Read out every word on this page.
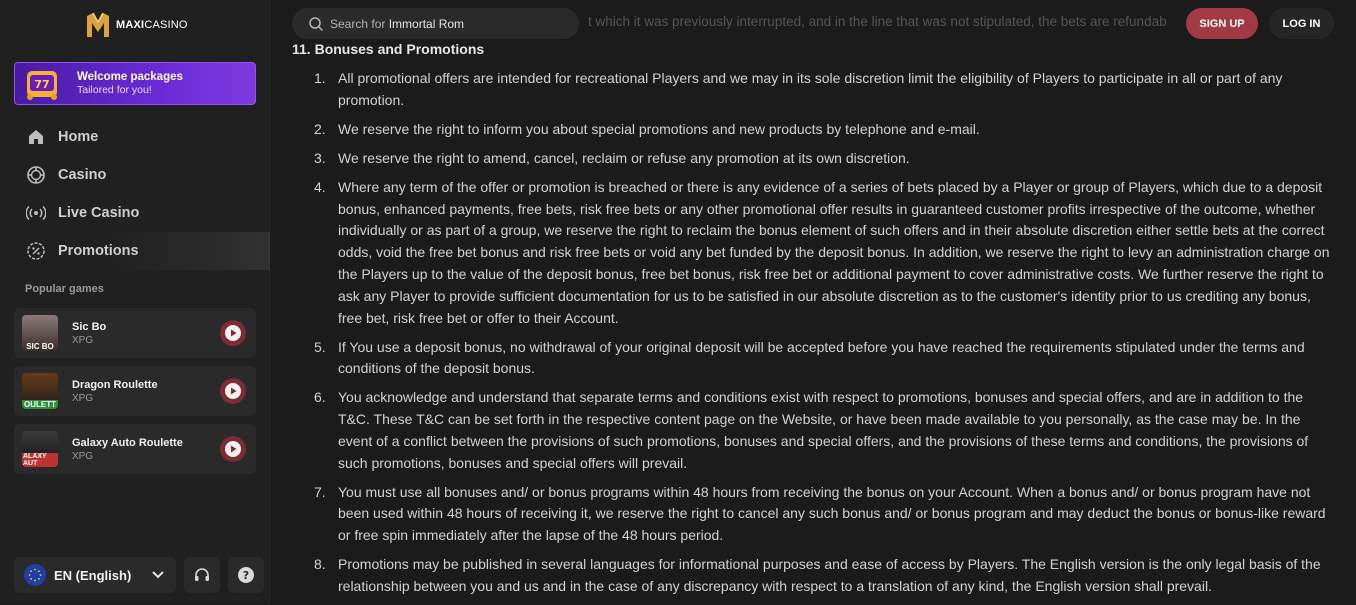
MAXICASINO
77
Welcome packages
Tailored for you!
Home
Casino
Live Casino
Promotions
Popular games
SIC BO
Sic Bo
XPG
OULETT
Dragon Roulette
XPG
ALAXY AUT
Galaxy Auto Roulette
XPG
EN (English)	?
t which it was previously interrupted, and in the line that was not stipulated, the bets are refundab
Search for
Immortal Rom	SIGN UP	LOG IN
11. Bonuses and Promotions
1. All promotional offers are intended for recreational Players and we may in its sole discretion limit the eligibility of Players to participate in all or part of any promotion.
2. We reserve the right to inform you about special promotions and new products by telephone and e-mail.
3. We reserve the right to amend, cancel, reclaim or refuse any promotion at its own discretion.
4. Where any term of the offer or promotion is breached or there is any evidence of a series of bets placed by a Player or group of Players, which due to a deposit bonus, enhanced payments, free bets, risk free bets or any other promotional offer results in guaranteed customer profits irrespective of the outcome, whether individually or as part of a group, we reserve the right to reclaim the bonus element of such offers and in their absolute discretion either settle bets at the correct odds, void the free bet bonus and risk free bets or void any bet funded by the deposit bonus. In addition, we reserve the right to levy an administration charge on the Players up to the value of the deposit bonus, free bet bonus, risk free bet or additional payment to cover administrative costs. We further reserve the right to ask any Player to provide sufficient documentation for us to be satisfied in our absolute discretion as to the customer's identity prior to us crediting any bonus, free bet, risk free bet or offer to their Account.
5. If You use a deposit bonus, no withdrawal of your original deposit will be accepted before you have reached the requirements stipulated under the terms and conditions of the deposit bonus.
6. You acknowledge and understand that separate terms and conditions exist with respect to promotions, bonuses and special offers, and are in addition to the T&C. These T&C can be set forth in the respective content page on the Website, or have been made available to you personally, as the case may be. In the event of a conflict between the provisions of such promotions, bonuses and special offers, and the provisions of these terms and conditions, the provisions of such promotions, bonuses and special offers will prevail.
7. You must use all bonuses and/ or bonus programs within 48 hours from receiving the bonus on your Account. When a bonus and/ or bonus program have not been used within 48 hours of receiving it, we reserve the right to cancel any such bonus and/ or bonus program and may deduct the bonus or bonus-like reward or free spin immediately after the lapse of the 48 hours period.
8. Promotions may be published in several languages for informational purposes and ease of access by Players. The English version is the only legal basis of the relationship between you and us and in the case of any discrepancy with respect to a translation of any kind, the English version shall prevail.
